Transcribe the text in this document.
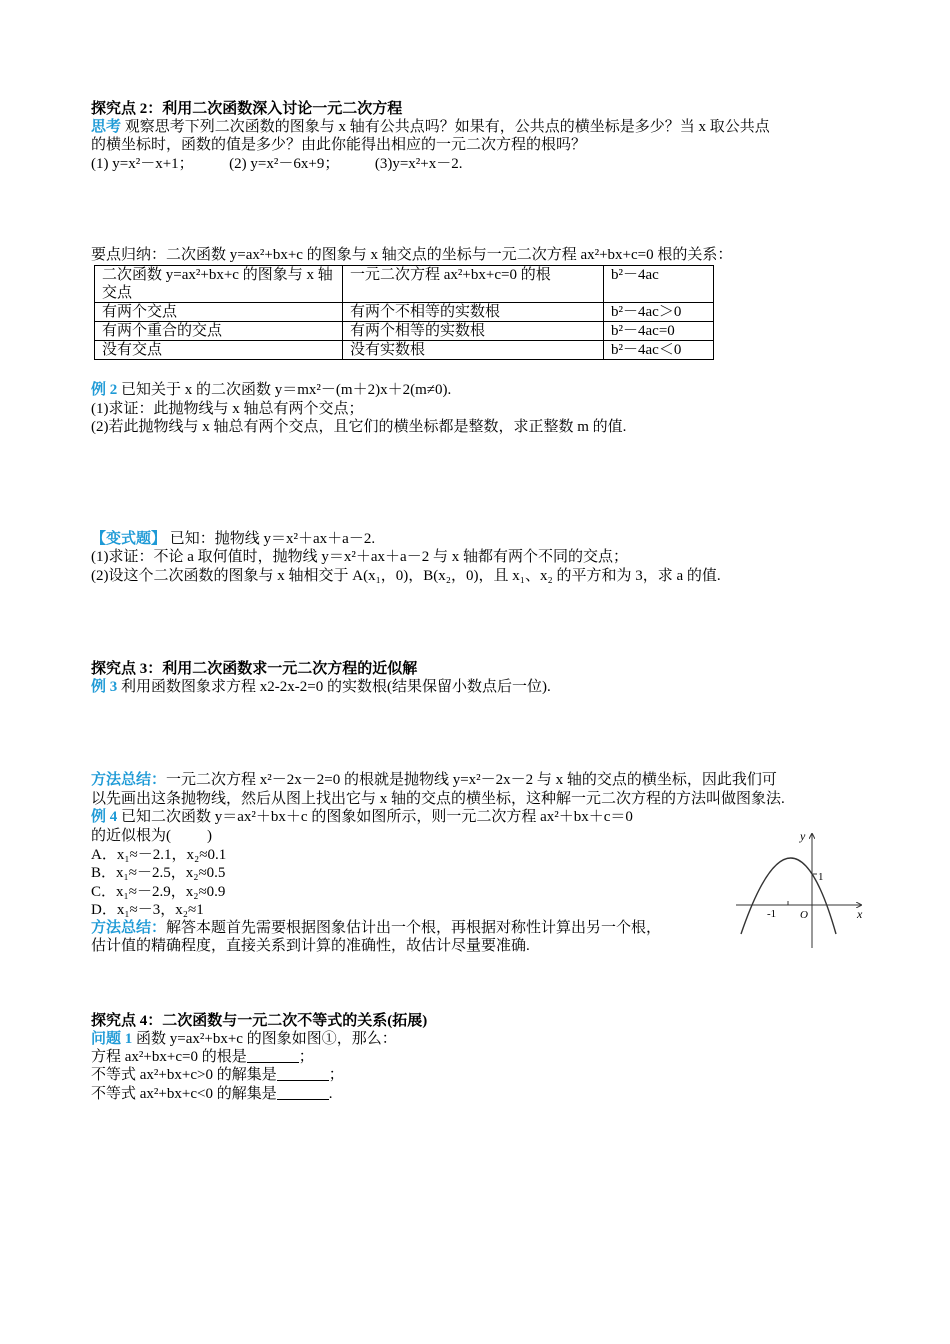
探究点 2：利用二次函数深入讨论一元二次方程
思考 观察思考下列二次函数的图象与 x 轴有公共点吗？如果有，公共点的横坐标是多少？当 x 取公共点
的横坐标时，函数的值是多少？由此你能得出相应的一元二次方程的根吗？
(1) y=x²－x+1； (2) y=x²－6x+9； (3)y=x²+x－2.
要点归纳：二次函数 y=ax²+bx+c 的图象与 x 轴交点的坐标与一元二次方程 ax²+bx+c=0 根的关系：
二次函数 y=ax²+bx+c 的图象与 x 轴交点	一元二次方程 ax²+bx+c=0 的根	b²－4ac
有两个交点	有两个不相等的实数根	b²－4ac＞0
有两个重合的交点	有两个相等的实数根	b²－4ac=0
没有交点	没有实数根	b²－4ac＜0
例 2 已知关于 x 的二次函数 y＝mx²－(m＋2)x＋2(m≠0).
(1)求证：此抛物线与 x 轴总有两个交点；
(2)若此抛物线与 x 轴总有两个交点，且它们的横坐标都是整数，求正整数 m 的值.
【变式题】 已知：抛物线 y＝x²＋ax＋a－2.
(1)求证：不论 a 取何值时，抛物线 y＝x²＋ax＋a－2 与 x 轴都有两个不同的交点；
(2)设这个二次函数的图象与 x 轴相交于 A(x₁，0)，B(x₂，0)，且 x₁、x₂ 的平方和为 3，求 a 的值.
探究点 3：利用二次函数求一元二次方程的近似解
例 3 利用函数图象求方程 x2-2x-2=0 的实数根(结果保留小数点后一位).
方法总结：一元二次方程 x²－2x－2=0 的根就是抛物线 y=x²－2x－2 与 x 轴的交点的横坐标，因此我们可
以先画出这条抛物线，然后从图上找出它与 x 轴的交点的横坐标，这种解一元二次方程的方法叫做图象法.
例 4 已知二次函数 y＝ax²＋bx＋c 的图象如图所示，则一元二次方程 ax²＋bx＋c＝0
的近似根为( )
A．x₁≈－2.1，x₂≈0.1
B．x₁≈－2.5，x₂≈0.5
C．x₁≈－2.9，x₂≈0.9
D．x₁≈－3，x₂≈1
方法总结：解答本题首先需要根据图象估计出一个根，再根据对称性计算出另一个根，
估计值的精确程度，直接关系到计算的准确性，故估计尽量要准确.
y
x
O
-1
1
探究点 4：二次函数与一元二次不等式的关系(拓展)
问题 1 函数 y=ax²+bx+c 的图象如图①，那么：
方程 ax²+bx+c=0 的根是	；
不等式 ax²+bx+c>0 的解集是	；
不等式 ax²+bx+c<0 的解集是	.
